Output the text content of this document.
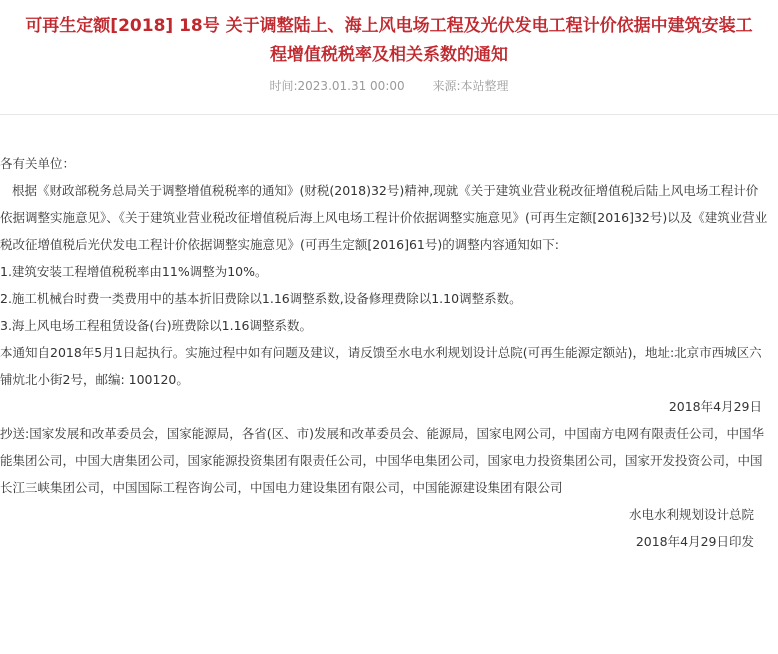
可再生定额[2018] 18号 关于调整陆上、海上风电场工程及光伏发电工程计价依据中建筑安装工
程增值税税率及相关系数的通知
时间:2023.01.31 00:00 来源:本站整理

各有关单位：

根据《财政部税务总局关于调整增值税税率的通知》(财税(2018)32号)精神,现就《关于建筑业营业税改征增值税后陆上风电场工程计价依据调整实施意见》、《关于建筑业营业税改征增值税后海上风电场工程计价依据调整实施意见》(可再生定额[2016]32号)以及《建筑业营业税改征增值税后光伏发电工程计价依据调整实施意见》(可再生定额[2016]61号)的调整内容通知如下:

1.建筑安装工程增值税税率由11%调整为10%。

2.施工机械台时费一类费用中的基本折旧费除以1.16调整系数,设备修理费除以1.10调整系数。

3.海上风电场工程租赁设备(台)班费除以1.16调整系数。

本通知自2018年5月1日起执行。实施过程中如有问题及建议，请反馈至水电水利规划设计总院(可再生能源定额站)，地址:北京市西城区六铺炕北小街2号，邮编: 100120。

2018年4月29日

抄送:国家发展和改革委员会，国家能源局，各省(区、市)发展和改革委员会、能源局，国家电网公司，中国南方电网有限责任公司，中国华能集团公司，中国大唐集团公司，国家能源投资集团有限责任公司，中国华电集团公司，国家电力投资集团公司，国家开发投资公司，中国长江三峡集团公司，中国国际工程咨询公司，中国电力建设集团有限公司，中国能源建设集团有限公司

水电水利规划设计总院

2018年4月29日印发
